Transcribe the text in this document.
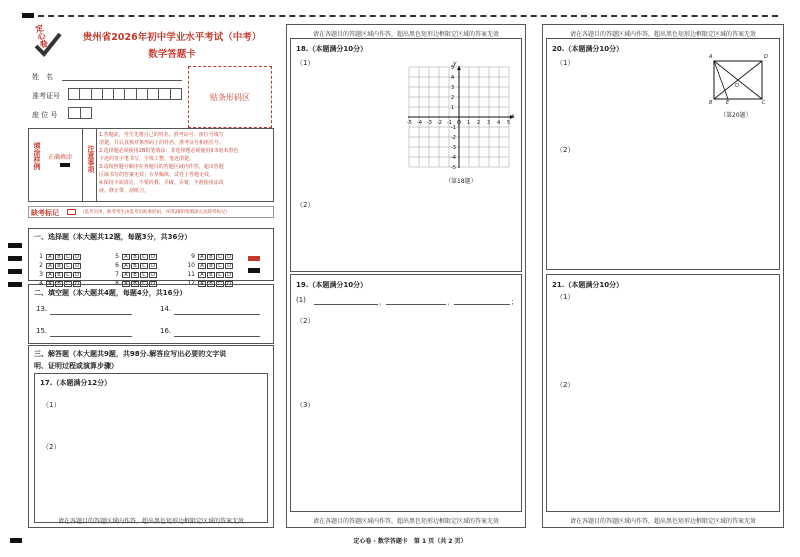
定心卷	贵州省2026年初中学业水平考试（中考）
数学答题卡
姓　名
准考证号
座 位 号
贴条形码区
填涂样例 正确填涂 注意事项
1.答题前，考生先将自己的姓名、准考证号、座位号填写
清楚，并认真核对条形码上的姓名、准考证号和座位号。
2.选择题必须使用2B铅笔填涂；非选择题必须使用0.5毫米黑色
字迹的签字笔书写，字体工整、笔迹清楚。
3.请按照题号顺序在各题目的答题区域内作答，超出答题
区域书写的答案无效；在草稿纸、试卷上答题无效。
4.保持卡面清洁，不要折叠、弄破、弄皱，不准使用涂改
液、修正带、刮纸刀。
缺考标记	（监考员用，缺考考生由监考员贴条形码，并用2B铅笔填涂左边缺考标记）
一、选择题（本大题共12题，每题3分，共36分）
1 A B C D
2 A B C D
3 A B C D
4 A B C D
5 A B C D
6 A B C D
7 A B C D
8 A B C D
9 A B C D
10 A B C D
11 A B C D
12 A B C D
二、填空题（本大题共4题，每题4分，共16分）
13.	14.
15.	16.
三、解答题（本大题共9题，共98分.解答应写出必要的文字说
明、证明过程或演算步骤）
17.（本题满分12分）
（1）
（2）
请在各题目的答题区域内作答，超出黑色矩形边框限定区域的答案无效
请在各题目的答题区域内作答，超出黑色矩形边框限定区域的答案无效
18.（本题满分10分）
（1）
（2）
-5 -4 -3 -2 -1 O 1 2 3 4 5
5
4
3
2
1
-1
-2
-3
-4
-5
x
y
（第18题）
19.（本题满分10分）
(1)	，	，	；
（2）
（3）
请在各题目的答题区域内作答，超出黑色矩形边框限定区域的答案无效
请在各题目的答题区域内作答，超出黑色矩形边框限定区域的答案无效
20.（本题满分10分）
（1）
（2）
A	D
O
B	E	C
（第20题）
21.（本题满分10分）
（1）
（2）
请在各题目的答题区域内作答，超出黑色矩形边框限定区域的答案无效
定心卷 · 数学答题卡　第 1 页（共 2 页）
